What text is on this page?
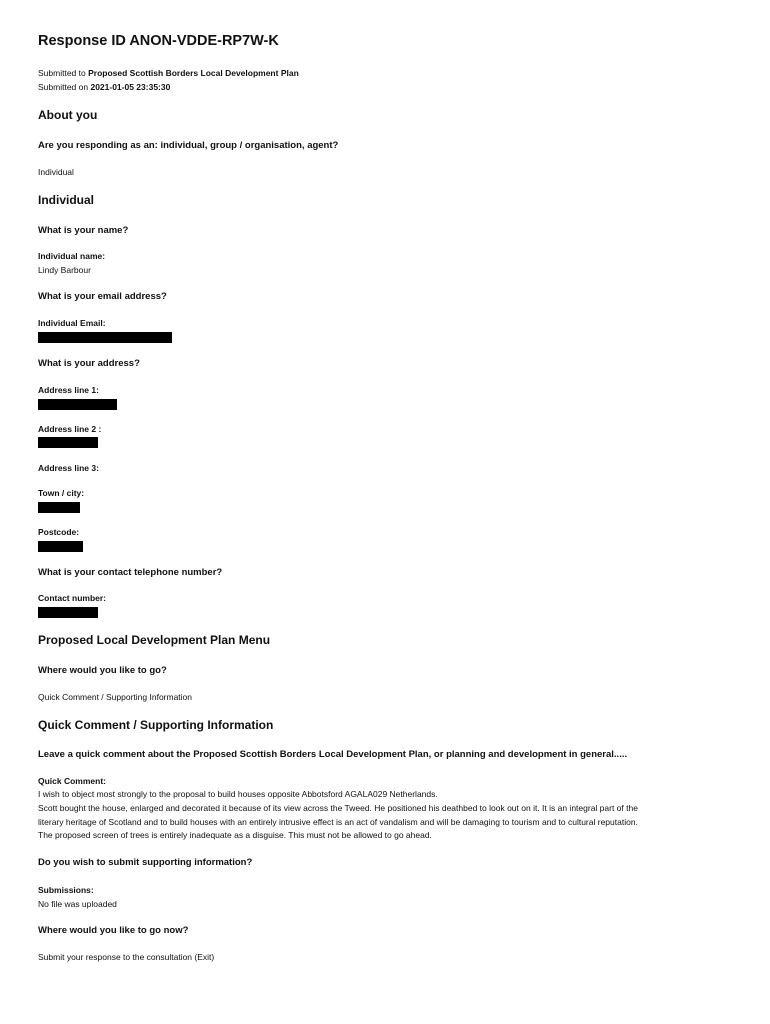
Response ID ANON-VDDE-RP7W-K
Submitted to Proposed Scottish Borders Local Development Plan
Submitted on 2021-01-05 23:35:30
About you
Are you responding as an: individual, group / organisation, agent?
Individual
Individual
What is your name?
Individual name:
Lindy Barbour
What is your email address?
Individual Email:
What is your address?
Address line 1:
Address line 2 :
Address line 3:
Town / city:
Postcode:
What is your contact telephone number?
Contact number:
Proposed Local Development Plan Menu
Where would you like to go?
Quick Comment / Supporting Information
Quick Comment / Supporting Information
Leave a quick comment about the Proposed Scottish Borders Local Development Plan, or planning and development in general.....
Quick Comment:
I wish to object most strongly to the proposal to build houses opposite Abbotsford AGALA029 Netherlands.
Scott bought the house, enlarged and decorated it because of its view across the Tweed. He positioned his deathbed to look out on it. It is an integral part of the
literary heritage of Scotland and to build houses with an entirely intrusive effect is an act of vandalism and will be damaging to tourism and to cultural reputation.
The proposed screen of trees is entirely inadequate as a disguise. This must not be allowed to go ahead.
Do you wish to submit supporting information?
Submissions:
No file was uploaded
Where would you like to go now?
Submit your response to the consultation (Exit)
